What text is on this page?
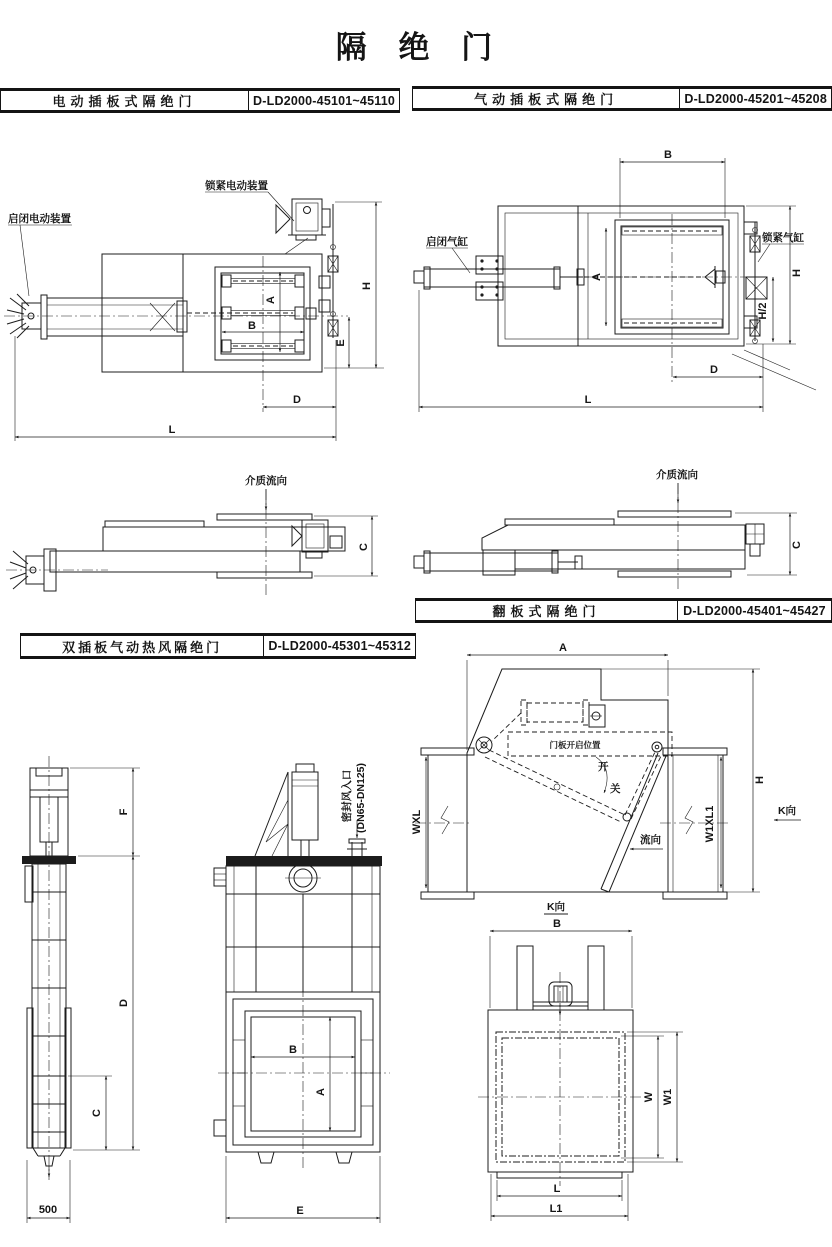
隔 绝 门
电动插板式隔绝门	D-LD2000-45101~45110	气动插板式隔绝门	D-LD2000-45201~45208
翻板式隔绝门	D-LD2000-45401~45427
双插板气动热风隔绝门	D-LD2000-45301~45312
锁紧电动装置
启闭电动装置
A
B
E
H
D
L
介质流向
C
启闭气缸	锁紧气缸
B
A
H
H/2
D
L
介质流向
C
F
D
C
500
密封风入口 (DN65-DN125)
B
A
E
A
门板开启位置
开
关
流向
WXL	W1XL1
H
K向
K向
B
W W1
L
L1
